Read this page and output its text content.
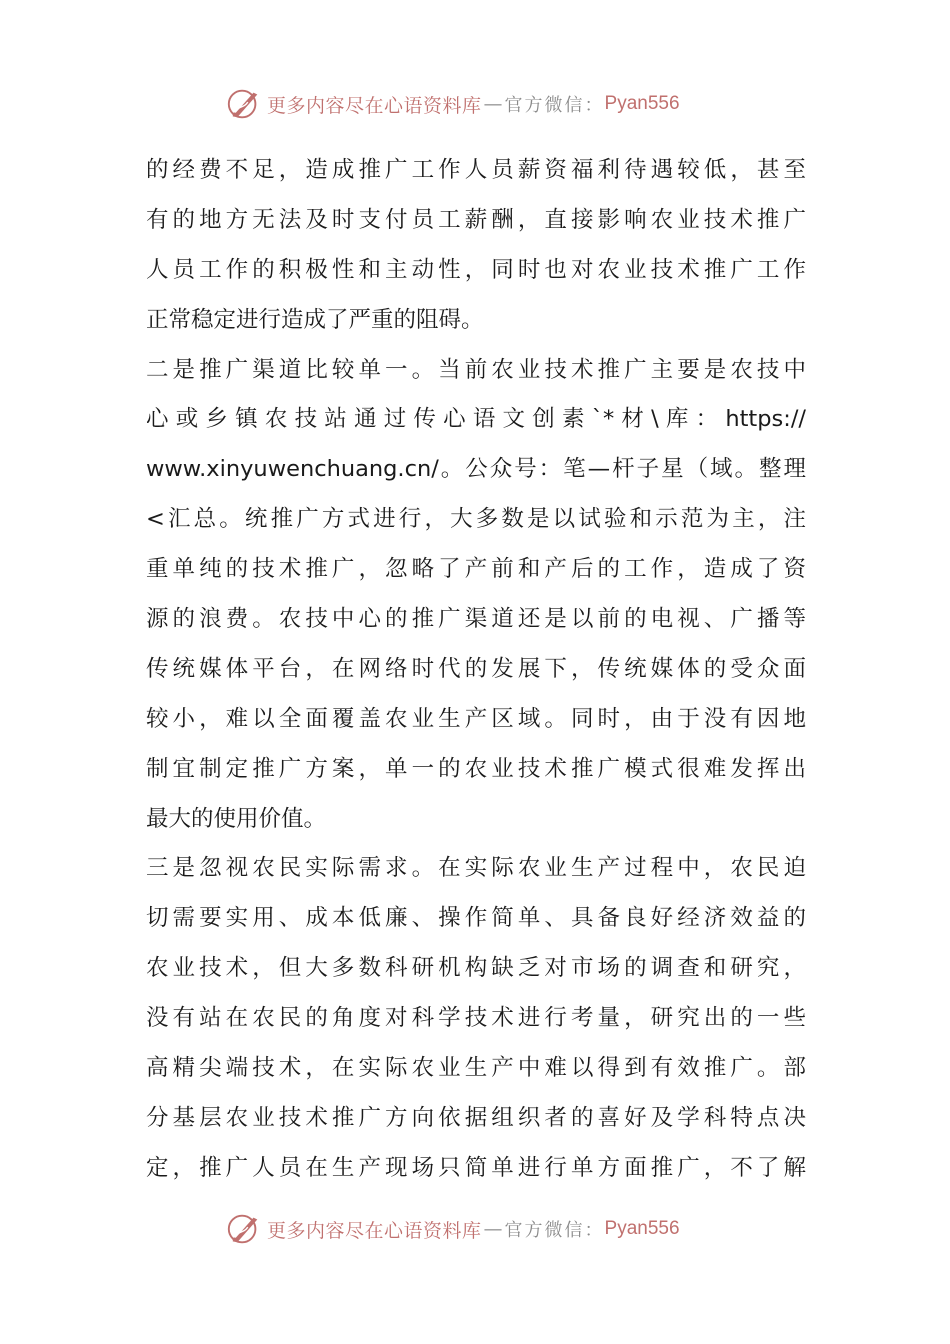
更多内容尽在心语资料库 — 官方微信： Pyan556
的经费不足，造成推广工作人员薪资福利待遇较低，甚至
有的地方无法及时支付员工薪酬，直接影响农业技术推广
人员工作的积极性和主动性，同时也对农业技术推广工作
正常稳定进行造成了严重的阻碍。
二是推广渠道比较单一。当前农业技术推广主要是农技中
心或乡镇农技站通过传心语文创素`*材\库：https://
www.xinyuwenchuang.cn/。公众号：笔—杆子星（域。整理
<汇总。统推广方式进行，大多数是以试验和示范为主，注
重单纯的技术推广，忽略了产前和产后的工作，造成了资
源的浪费。农技中心的推广渠道还是以前的电视、广播等
传统媒体平台，在网络时代的发展下，传统媒体的受众面
较小，难以全面覆盖农业生产区域。同时，由于没有因地
制宜制定推广方案，单一的农业技术推广模式很难发挥出
最大的使用价值。
三是忽视农民实际需求。在实际农业生产过程中，农民迫
切需要实用、成本低廉、操作简单、具备良好经济效益的
农业技术，但大多数科研机构缺乏对市场的调查和研究，
没有站在农民的角度对科学技术进行考量，研究出的一些
高精尖端技术，在实际农业生产中难以得到有效推广。部
分基层农业技术推广方向依据组织者的喜好及学科特点决
定，推广人员在生产现场只简单进行单方面推广，不了解
更多内容尽在心语资料库 — 官方微信： Pyan556
